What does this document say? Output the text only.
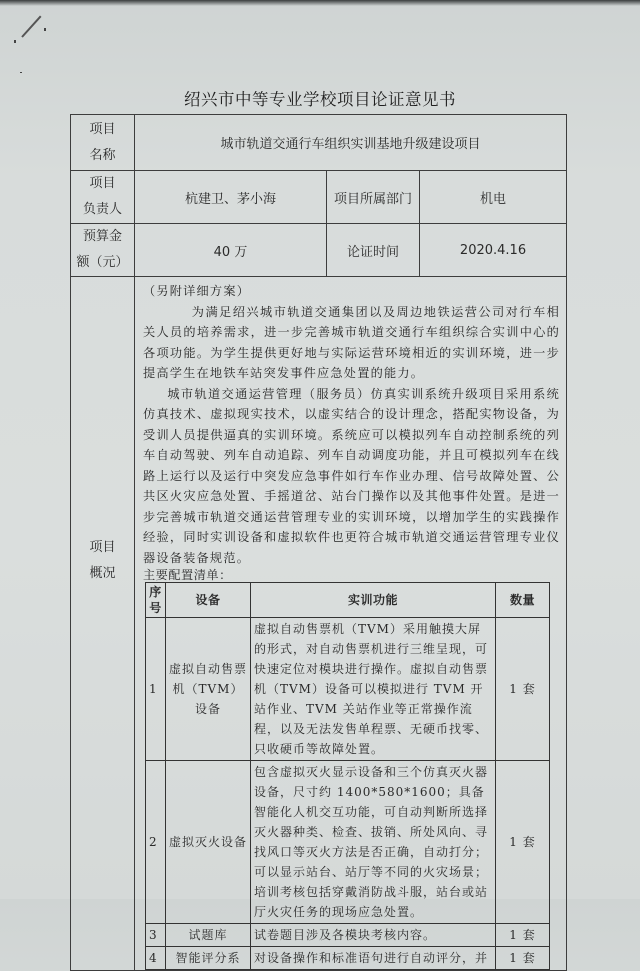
绍兴市中等专业学校项目论证意见书
项目
名称
	城市轨道交通行车组织实训基地升级建设项目

项目
负责人
	杭建卫、茅小海	项目所属部门	机电

预算金
额（元）
	40 万	论证时间	2020.4.16

项目
概况

（另附详细方案）

为满足绍兴城市轨道交通集团以及周边地铁运营公司对行车相关人员的培养需求，进一步完善城市轨道交通行车组织综合实训中心的各项功能。为学生提供更好地与实际运营环境相近的实训环境，进一步提高学生在地铁车站突发事件应急处置的能力。

城市轨道交通运营管理（服务员）仿真实训系统升级项目采用系统仿真技术、虚拟现实技术，以虚实结合的设计理念，搭配实物设备，为受训人员提供逼真的实训环境。系统应可以模拟列车自动控制系统的列车自动驾驶、列车自动追踪、列车自动调度功能，并且可模拟列车在线路上运行以及运行中突发应急事件如行车作业办理、信号故障处置、公共区火灾应急处置、手摇道岔、站台门操作以及其他事件处置。是进一步完善城市轨道交通运营管理专业的实训环境，以增加学生的实践操作经验，同时实训设备和虚拟软件也更符合城市轨道交通运营管理专业仪器设备装备规范。

主要配置清单：

序号	设备	实训功能	数量
1	虚拟自动售票机（TVM）设备	虚拟自动售票机（TVM）采用触摸大屏的形式，对自动售票机进行三维呈现，可快速定位对模块进行操作。虚拟自动售票机（TVM）设备可以模拟进行 TVM 开站作业、TVM 关站作业等正常操作流程，以及无法发售单程票、无硬币找零、只收硬币等故障处置。	1 套
2	虚拟灭火设备	包含虚拟灭火显示设备和三个仿真灭火器设备，尺寸约 1400*580*1600；具备智能化人机交互功能，可自动判断所选择灭火器种类、检查、拔销、所处风向、寻找风口等灭火方法是否正确，自动打分；可以显示站台、站厅等不同的火灾场景；培训考核包括穿戴消防战斗服，站台或站厅火灾任务的现场应急处置。	1 套
3	试题库	试卷题目涉及各模块考核内容。	1 套
4	智能评分系	对设备操作和标准语句进行自动评分，并	1 套
